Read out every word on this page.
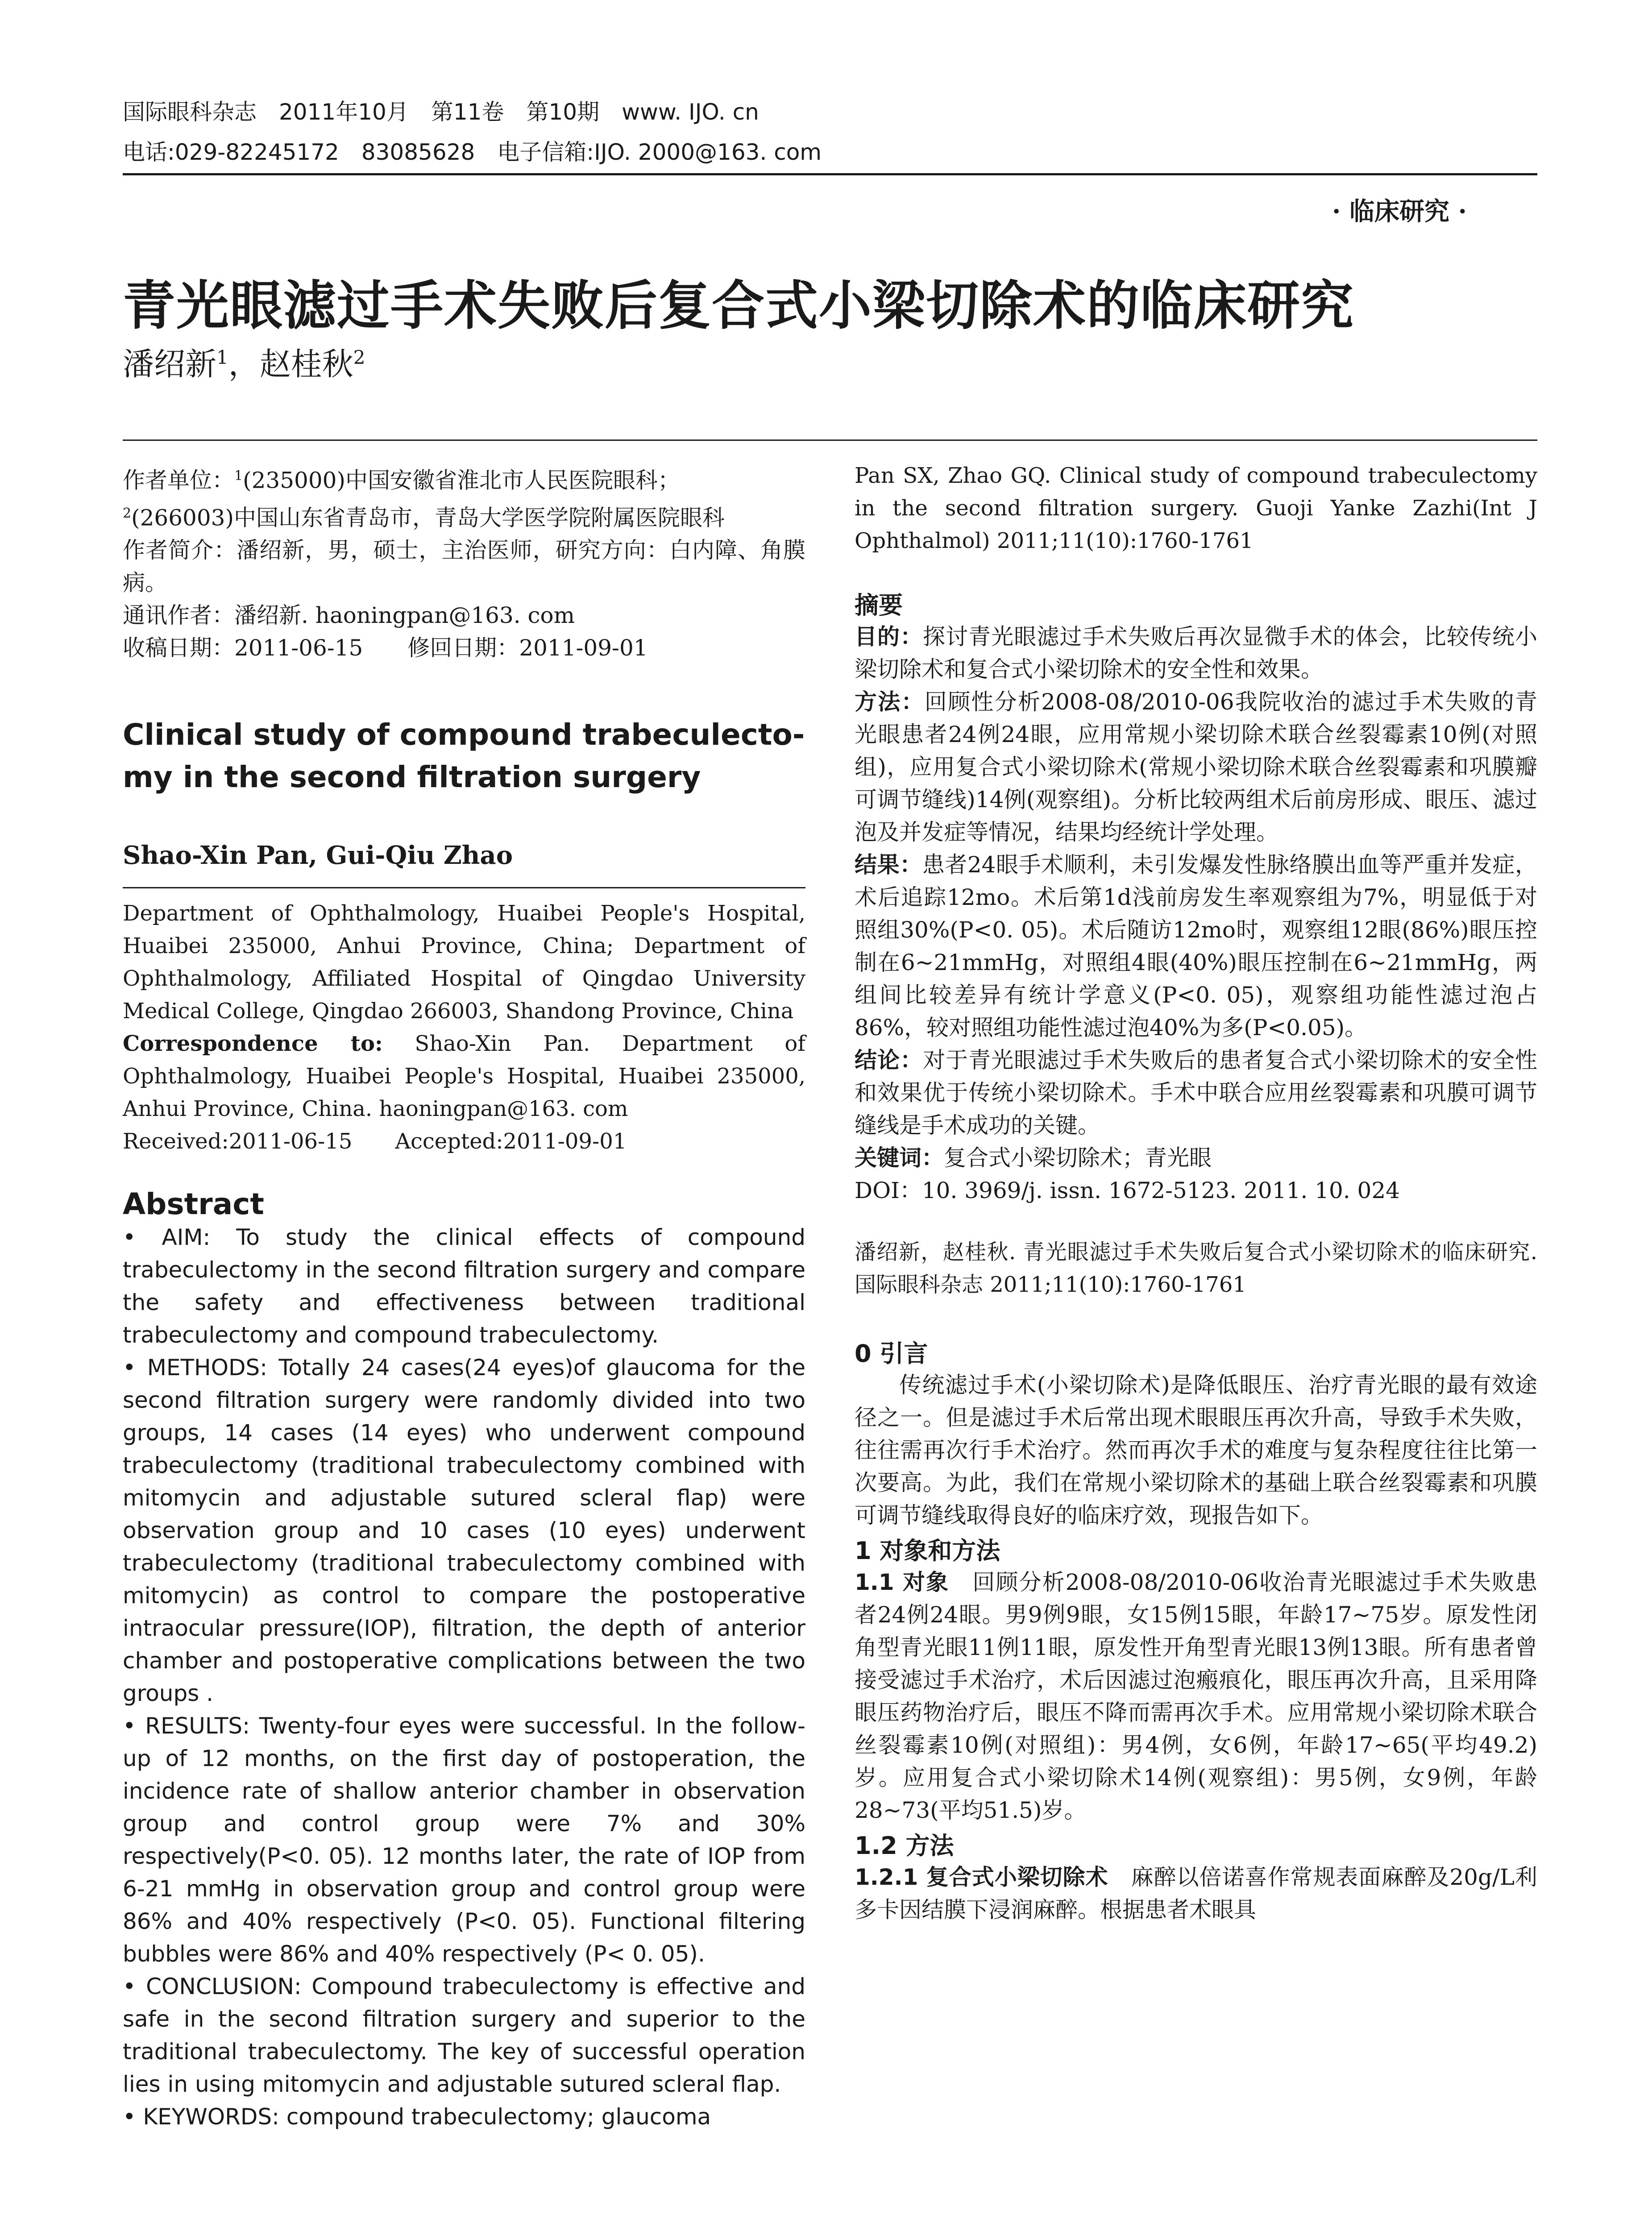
国际眼科杂志　2011年10月　第11卷　第10期　www. IJO. cn
电话:029-82245172　83085628　电子信箱:IJO. 2000@163. com
· 临床研究 ·
青光眼滤过手术失败后复合式小梁切除术的临床研究
潘绍新$^1$，赵桂秋$^2$

作者单位：$^1$(235000)中国安徽省淮北市人民医院眼科；

$^2$(266003)中国山东省青岛市，青岛大学医学院附属医院眼科

作者简介：潘绍新，男，硕士，主治医师，研究方向：白内障、角膜病。

通讯作者：潘绍新. haoningpan@163. com

收稿日期：2011-06-15　　修回日期：2011-09-01

Clinical study of compound trabeculecto-my in the second filtration surgery
Shao-Xin Pan, Gui-Qiu Zhao

Department of Ophthalmology, Huaibei People's Hospital, Huaibei 235000, Anhui Province, China; Department of Ophthalmology, Affiliated Hospital of Qingdao University Medical College, Qingdao 266003, Shandong Province, China

Correspondence to: Shao-Xin Pan. Department of Ophthalmology, Huaibei People's Hospital, Huaibei 235000, Anhui Province, China. haoningpan@163. com

Received:2011-06-15　　Accepted:2011-09-01

Abstract

• AIM: To study the clinical effects of compound trabeculectomy in the second filtration surgery and compare the safety and effectiveness between traditional trabeculectomy and compound trabeculectomy.

• METHODS: Totally 24 cases(24 eyes)of glaucoma for the second filtration surgery were randomly divided into two groups, 14 cases (14 eyes) who underwent compound trabeculectomy (traditional trabeculectomy combined with mitomycin and adjustable sutured scleral flap) were observation group and 10 cases (10 eyes) underwent trabeculectomy (traditional trabeculectomy combined with mitomycin) as control to compare the postoperative intraocular pressure(IOP), filtration, the depth of anterior chamber and postoperative complications between the two groups .

• RESULTS: Twenty-four eyes were successful. In the follow-up of 12 months, on the first day of postoperation, the incidence rate of shallow anterior chamber in observation group and control group were 7% and 30% respectively(P<0. 05). 12 months later, the rate of IOP from 6-21 mmHg in observation group and control group were 86% and 40% respectively (P<0. 05). Functional filtering bubbles were 86% and 40% respectively (P< 0. 05).

• CONCLUSION: Compound trabeculectomy is effective and safe in the second filtration surgery and superior to the traditional trabeculectomy. The key of successful operation lies in using mitomycin and adjustable sutured scleral flap.

• KEYWORDS: compound trabeculectomy; glaucoma

Pan SX, Zhao GQ. Clinical study of compound trabeculectomy in the second filtration surgery. Guoji Yanke Zazhi(Int J Ophthalmol) 2011;11(10):1760-1761

摘要

目的：探讨青光眼滤过手术失败后再次显微手术的体会，比较传统小梁切除术和复合式小梁切除术的安全性和效果。

方法：回顾性分析2008-08/2010-06我院收治的滤过手术失败的青光眼患者24例24眼，应用常规小梁切除术联合丝裂霉素10例(对照组)，应用复合式小梁切除术(常规小梁切除术联合丝裂霉素和巩膜瓣可调节缝线)14例(观察组)。分析比较两组术后前房形成、眼压、滤过泡及并发症等情况，结果均经统计学处理。

结果：患者24眼手术顺利，未引发爆发性脉络膜出血等严重并发症，术后追踪12mo。术后第1d浅前房发生率观察组为7%，明显低于对照组30%(P<0. 05)。术后随访12mo时，观察组12眼(86%)眼压控制在6~21mmHg，对照组4眼(40%)眼压控制在6~21mmHg，两组间比较差异有统计学意义(P<0. 05)，观察组功能性滤过泡占86%，较对照组功能性滤过泡40%为多(P<0.05)。

结论：对于青光眼滤过手术失败后的患者复合式小梁切除术的安全性和效果优于传统小梁切除术。手术中联合应用丝裂霉素和巩膜可调节缝线是手术成功的关键。

关键词：复合式小梁切除术；青光眼

DOI：10. 3969/j. issn. 1672-5123. 2011. 10. 024

潘绍新，赵桂秋. 青光眼滤过手术失败后复合式小梁切除术的临床研究. 国际眼科杂志 2011;11(10):1760-1761

0 引言

传统滤过手术(小梁切除术)是降低眼压、治疗青光眼的最有效途径之一。但是滤过手术后常出现术眼眼压再次升高，导致手术失败，往往需再次行手术治疗。然而再次手术的难度与复杂程度往往比第一次要高。为此，我们在常规小梁切除术的基础上联合丝裂霉素和巩膜可调节缝线取得良好的临床疗效，现报告如下。

1 对象和方法

1.1 对象　 回顾分析2008-08/2010-06收治青光眼滤过手术失败患者24例24眼。男9例9眼，女15例15眼，年龄17~75岁。原发性闭角型青光眼11例11眼，原发性开角型青光眼13例13眼。所有患者曾接受滤过手术治疗，术后因滤过泡瘢痕化，眼压再次升高，且采用降眼压药物治疗后，眼压不降而需再次手术。应用常规小梁切除术联合丝裂霉素10例(对照组)：男4例，女6例，年龄17~65(平均49.2)岁。应用复合式小梁切除术14例(观察组)：男5例，女9例，年龄28~73(平均51.5)岁。

1.2 方法

1.2.1 复合式小梁切除术　 麻醉以倍诺喜作常规表面麻醉及20g/L利多卡因结膜下浸润麻醉。根据患者术眼具
